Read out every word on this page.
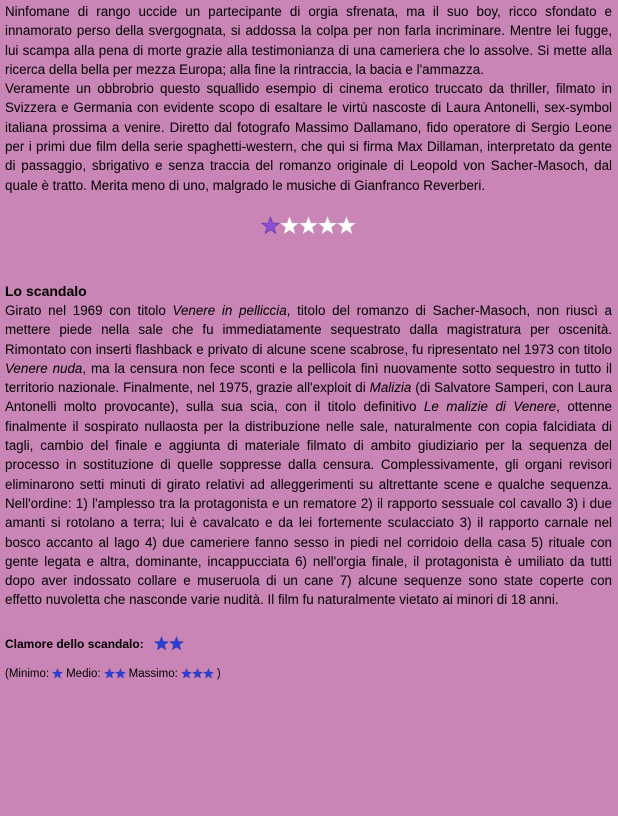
Ninfomane di rango uccide un partecipante di orgia sfrenata, ma il suo boy, ricco sfondato e innamorato perso della svergognata, si addossa la colpa per non farla incriminare. Mentre lei fugge, lui scampa alla pena di morte grazie alla testimonianza di una cameriera che lo assolve. Si mette alla ricerca della bella per mezza Europa; alla fine la rintraccia, la bacia e l'ammazza.

Veramente un obbrobrio questo squallido esempio di cinema erotico truccato da thriller, filmato in Svizzera e Germania con evidente scopo di esaltare le virtù nascoste di Laura Antonelli, sex-symbol italiana prossima a venire. Diretto dal fotografo Massimo Dallamano, fido operatore di Sergio Leone per i primi due film della serie spaghetti-western, che qui si firma Max Dillaman, interpretato da gente di passaggio, sbrigativo e senza traccia del romanzo originale di Leopold von Sacher-Masoch, dal quale è tratto. Merita meno di uno, malgrado le musiche di Gianfranco Reverberi.

Lo scandalo

Girato nel 1969 con titolo Venere in pelliccia, titolo del romanzo di Sacher-Masoch, non riuscì a mettere piede nella sale che fu immediatamente sequestrato dalla magistratura per oscenità. Rimontato con inserti flashback e privato di alcune scene scabrose, fu ripresentato nel 1973 con titolo Venere nuda, ma la censura non fece sconti e la pellicola finì nuovamente sotto sequestro in tutto il territorio nazionale. Finalmente, nel 1975, grazie all'exploit di Malizia (di Salvatore Samperi, con Laura Antonelli molto provocante), sulla sua scia, con il titolo definitivo Le malizie di Venere, ottenne finalmente il sospirato nullaosta per la distribuzione nelle sale, naturalmente con copia falcidiata di tagli, cambio del finale e aggiunta di materiale filmato di ambito giudiziario per la sequenza del processo in sostituzione di quelle soppresse dalla censura. Complessivamente, gli organi revisori eliminarono setti minuti di girato relativi ad alleggerimenti su altrettante scene e qualche sequenza. Nell'ordine: 1) l'amplesso tra la protagonista e un rematore 2) il rapporto sessuale col cavallo 3) i due amanti si rotolano a terra; lui è cavalcato e da lei fortemente sculacciato 3) il rapporto carnale nel bosco accanto al lago 4) due cameriere fanno sesso in piedi nel corridoio della casa 5) rituale con gente legata e altra, dominante, incappucciata 6) nell'orgia finale, il protagonista è umiliato da tutti dopo aver indossato collare e museruola di un cane 7) alcune sequenze sono state coperte con effetto nuvoletta che nasconde varie nudità. Il film fu naturalmente vietato ai minori di 18 anni.

Clamore dello scandalo:
(Minimo: Medio: Massimo:	)
